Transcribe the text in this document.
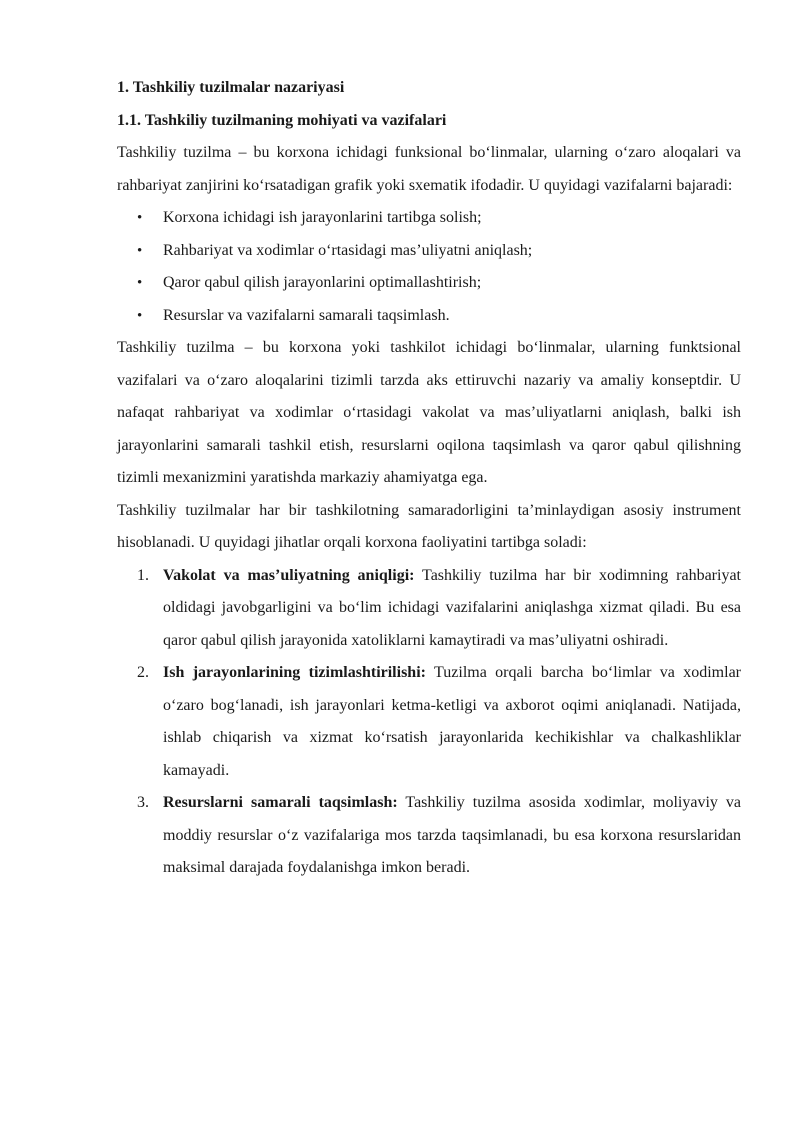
1. Tashkiliy tuzilmalar nazariyasi
1.1. Tashkiliy tuzilmaning mohiyati va vazifalari

Tashkiliy tuzilma – bu korxona ichidagi funksional bo‘linmalar, ularning o‘zaro aloqalari va rahbariyat zanjirini ko‘rsatadigan grafik yoki sxematik ifodadir. U quyidagi vazifalarni bajaradi:

• Korxona ichidagi ish jarayonlarini tartibga solish;
• Rahbariyat va xodimlar o‘rtasidagi mas’uliyatni aniqlash;
• Qaror qabul qilish jarayonlarini optimallashtirish;
• Resurslar va vazifalarni samarali taqsimlash.

Tashkiliy tuzilma – bu korxona yoki tashkilot ichidagi bo‘linmalar, ularning funktsional vazifalari va o‘zaro aloqalarini tizimli tarzda aks ettiruvchi nazariy va amaliy konseptdir. U nafaqat rahbariyat va xodimlar o‘rtasidagi vakolat va mas’uliyatlarni aniqlash, balki ish jarayonlarini samarali tashkil etish, resurslarni oqilona taqsimlash va qaror qabul qilishning tizimli mexanizmini yaratishda markaziy ahamiyatga ega.

Tashkiliy tuzilmalar har bir tashkilotning samaradorligini ta’minlaydigan asosiy instrument hisoblanadi. U quyidagi jihatlar orqali korxona faoliyatini tartibga soladi:

1. Vakolat va mas’uliyatning aniqligi: Tashkiliy tuzilma har bir xodimning rahbariyat oldidagi javobgarligini va bo‘lim ichidagi vazifalarini aniqlashga xizmat qiladi. Bu esa qaror qabul qilish jarayonida xatoliklarni kamaytiradi va mas’uliyatni oshiradi.
2. Ish jarayonlarining tizimlashtirilishi: Tuzilma orqali barcha bo‘limlar va xodimlar o‘zaro bog‘lanadi, ish jarayonlari ketma-ketligi va axborot oqimi aniqlanadi. Natijada, ishlab chiqarish va xizmat ko‘rsatish jarayonlarida kechikishlar va chalkashliklar kamayadi.
3. Resurslarni samarali taqsimlash: Tashkiliy tuzilma asosida xodimlar, moliyaviy va moddiy resurslar o‘z vazifalariga mos tarzda taqsimlanadi, bu esa korxona resurslaridan maksimal darajada foydalanishga imkon beradi.
